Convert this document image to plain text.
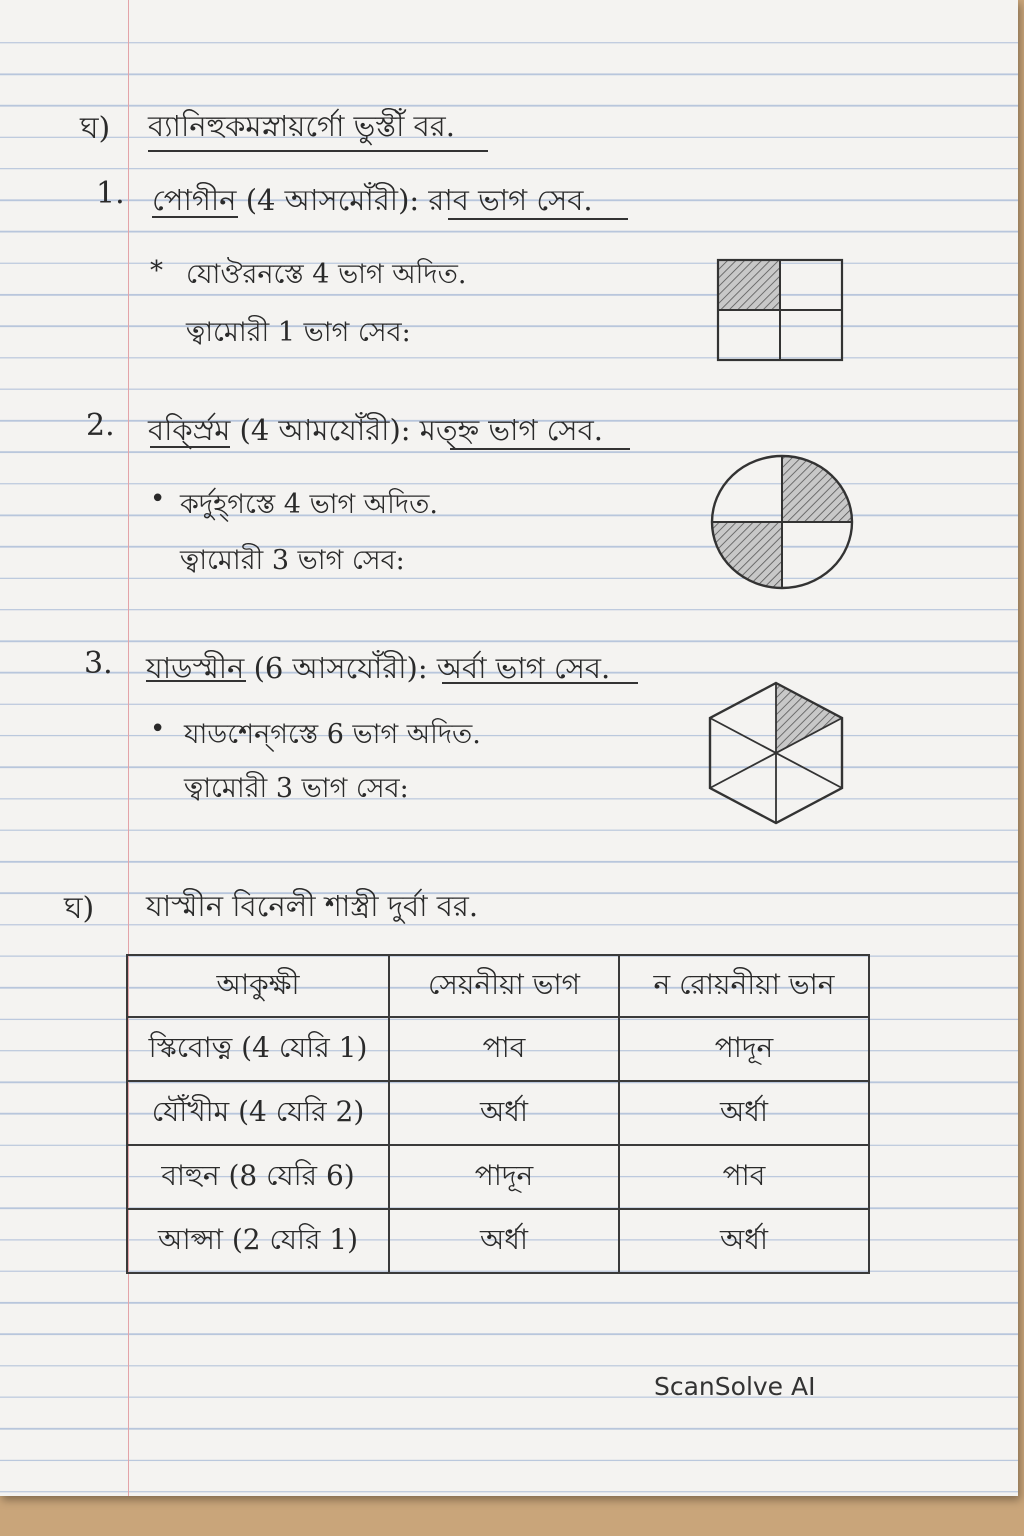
ঘ) ব্যানিহুকমস্নায়র্গো ভুস্তীঁ বর.
1. পোগীন (4 আসমোঁরী): রাব ভাগ সেব.
* যোঔরনস্তে 4 ভাগ অদিত.
ত্বামোরী 1 ভাগ সেব:
2. বর্ক্স্রিম (4 আমযোঁরী): মত্হ্ন ভাগ সেব.
• কর্দুহ্গস্তে 4 ভাগ অদিত.
ত্বামোরী 3 ভাগ সেব:
3. যাডস্মীন (6 আসযোঁরী): অর্বা ভাগ সেব.
• যাডশেন্গস্তে 6 ভাগ অদিত.
ত্বামোরী 3 ভাগ সেব:
ঘ) যাস্মীন বিনেলী শাস্ত্রী দুর্বা বর.
আকুক্ষী	সেয়নীয়া ভাগ	ন রোয়নীয়া ভান
স্কিবোত্ন (4 যেরি 1)	পাব	পাদূন
যৌঁখীম (4 যেরি 2)	অর্ধা	অর্ধা
বাহুন (8 যেরি 6)	পাদূন	পাব
আপ্সা (2 যেরি 1)	অর্ধা	অর্ধা
ScanSolve AI
